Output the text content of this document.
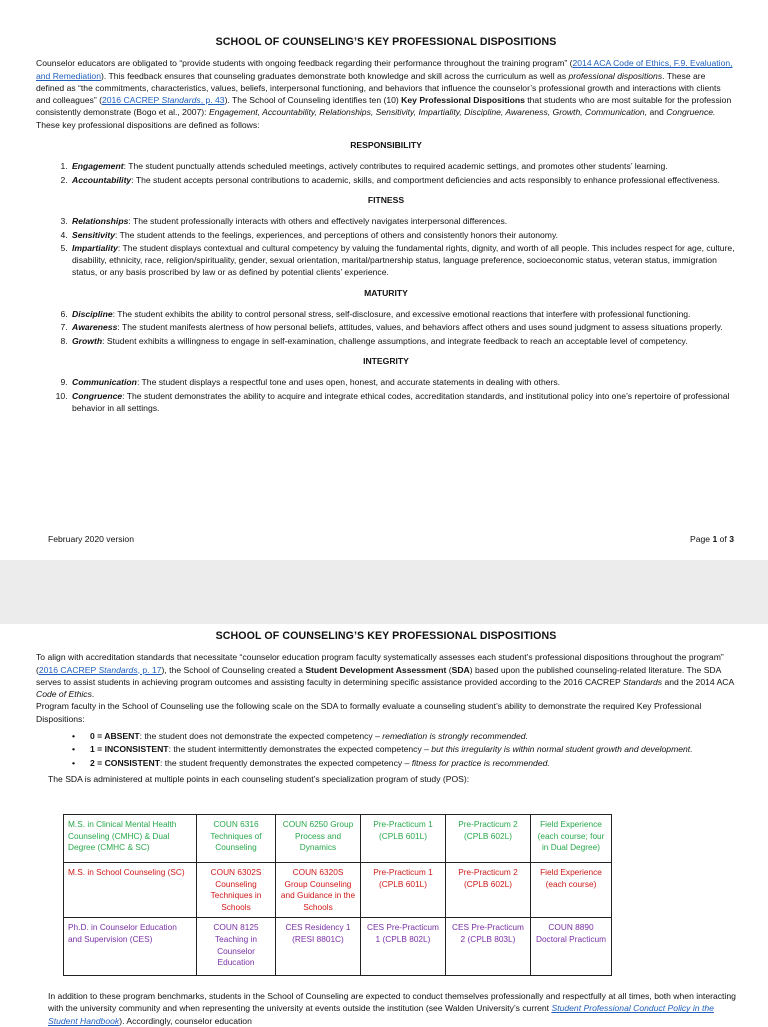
SCHOOL OF COUNSELING’S KEY PROFESSIONAL DISPOSITIONS

Counselor educators are obligated to “provide students with ongoing feedback regarding their performance throughout the training program” (2014 ACA Code of Ethics, F.9. Evaluation, and Remediation). This feedback ensures that counseling graduates demonstrate both knowledge and skill across the curriculum as well as professional dispositions. These are defined as “the commitments, characteristics, values, beliefs, interpersonal functioning, and behaviors that influence the counselor’s professional growth and interactions with clients and colleagues” (2016 CACREP Standards, p. 43). The School of Counseling identifies ten (10) Key Professional Dispositions that students who are most suitable for the profession consistently demonstrate (Bogo et al., 2007): Engagement, Accountability, Relationships, Sensitivity, Impartiality, Discipline, Awareness, Growth, Communication, and Congruence. These key professional dispositions are defined as follows:

RESPONSIBILITY
1. Engagement: The student punctually attends scheduled meetings, actively contributes to required academic settings, and promotes other students’ learning.
2. Accountability: The student accepts personal contributions to academic, skills, and comportment deficiencies and acts responsibly to enhance professional effectiveness.
FITNESS
3. Relationships: The student professionally interacts with others and effectively navigates interpersonal differences.
4. Sensitivity: The student attends to the feelings, experiences, and perceptions of others and consistently honors their autonomy.
5. Impartiality: The student displays contextual and cultural competency by valuing the fundamental rights, dignity, and worth of all people. This includes respect for age, culture, disability, ethnicity, race, religion/spirituality, gender, sexual orientation, marital/partnership status, language preference, socioeconomic status, veteran status, immigration status, or any basis proscribed by law or as defined by potential clients’ experience.
MATURITY
6. Discipline: The student exhibits the ability to control personal stress, self-disclosure, and excessive emotional reactions that interfere with professional functioning.
7. Awareness: The student manifests alertness of how personal beliefs, attitudes, values, and behaviors affect others and uses sound judgment to assess situations properly.
8. Growth: Student exhibits a willingness to engage in self-examination, challenge assumptions, and integrate feedback to reach an acceptable level of competency.
INTEGRITY
9. Communication: The student displays a respectful tone and uses open, honest, and accurate statements in dealing with others.
10. Congruence: The student demonstrates the ability to acquire and integrate ethical codes, accreditation standards, and institutional policy into one’s repertoire of professional behavior in all settings.
February 2020 version	Page 1 of 3
SCHOOL OF COUNSELING’S KEY PROFESSIONAL DISPOSITIONS

To align with accreditation standards that necessitate “counselor education program faculty systematically assesses each student’s professional dispositions throughout the program” (2016 CACREP Standards, p. 17), the School of Counseling created a Student Development Assessment (SDA) based upon the published counseling-related literature. The SDA serves to assist students in achieving program outcomes and assisting faculty in determining specific assistance provided according to the 2016 CACREP Standards and the 2014 ACA Code of Ethics.

Program faculty in the School of Counseling use the following scale on the SDA to formally evaluate a counseling student’s ability to demonstrate the required Key Professional Dispositions:

• 0 = ABSENT: the student does not demonstrate the expected competency – remediation is strongly recommended.
• 1 = INCONSISTENT: the student intermittently demonstrates the expected competency – but this irregularity is within normal student growth and development.
• 2 = CONSISTENT: the student frequently demonstrates the expected competency – fitness for practice is recommended.

The SDA is administered at multiple points in each counseling student’s specialization program of study (POS):

M.S. in Clinical Mental Health Counseling (CMHC) & Dual Degree (CMHC & SC)	COUN 6316 Techniques of Counseling	COUN 6250 Group Process and Dynamics	Pre-Practicum 1 (CPLB 601L)	Pre-Practicum 2 (CPLB 602L)	Field Experience (each course; four in Dual Degree)
M.S. in School Counseling (SC)	COUN 6302S Counseling Techniques in Schools	COUN 6320S Group Counseling and Guidance in the Schools	Pre-Practicum 1 (CPLB 601L)	Pre-Practicum 2 (CPLB 602L)	Field Experience (each course)
Ph.D. in Counselor Education and Supervision (CES)	COUN 8125 Teaching in Counselor Education	CES Residency 1 (RESI 8801C)	CES Pre-Practicum 1 (CPLB 802L)	CES Pre-Practicum 2 (CPLB 803L)	COUN 8890 Doctoral Practicum

In addition to these program benchmarks, students in the School of Counseling are expected to conduct themselves professionally and respectfully at all times, both when interacting with the university community and when representing the university at events outside the institution (see Walden University’s current Student Professional Conduct Policy in the Student Handbook). Accordingly, counselor education
